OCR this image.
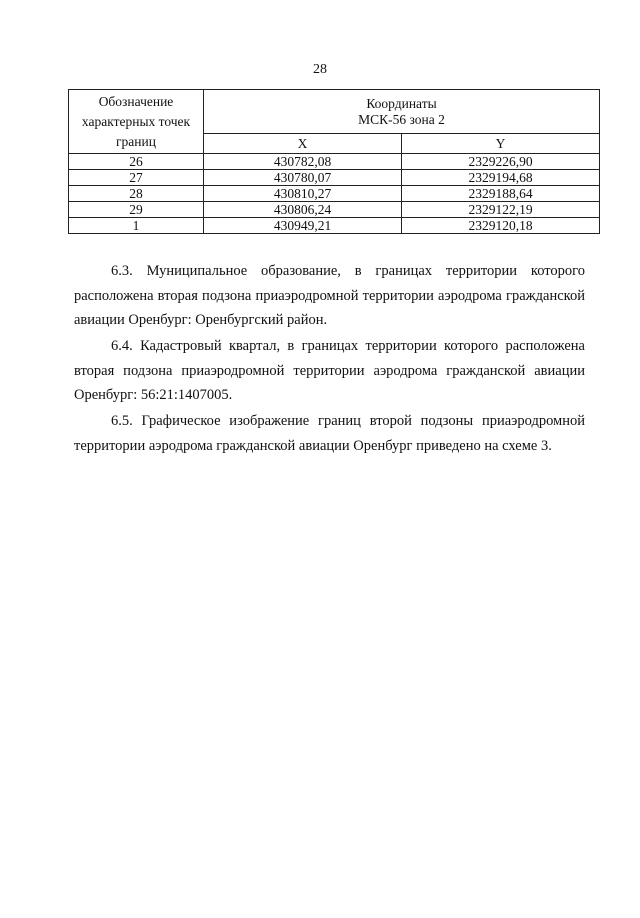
28
Обозначение характерных точек границ	Координаты
МСК-56 зона 2	
	X	Y
26	430782,08	2329226,90
27	430780,07	2329194,68
28	430810,27	2329188,64
29	430806,24	2329122,19
1	430949,21	2329120,18

6.3. Муниципальное образование, в границах территории которого расположена вторая подзона приаэродромной территории аэродрома гражданской авиации Оренбург: Оренбургский район.

6.4. Кадастровый квартал, в границах территории которого расположена вторая подзона приаэродромной территории аэродрома гражданской авиации Оренбург: 56:21:1407005.

6.5. Графическое изображение границ второй подзоны приаэродромной территории аэродрома гражданской авиации Оренбург приведено на схеме 3.
